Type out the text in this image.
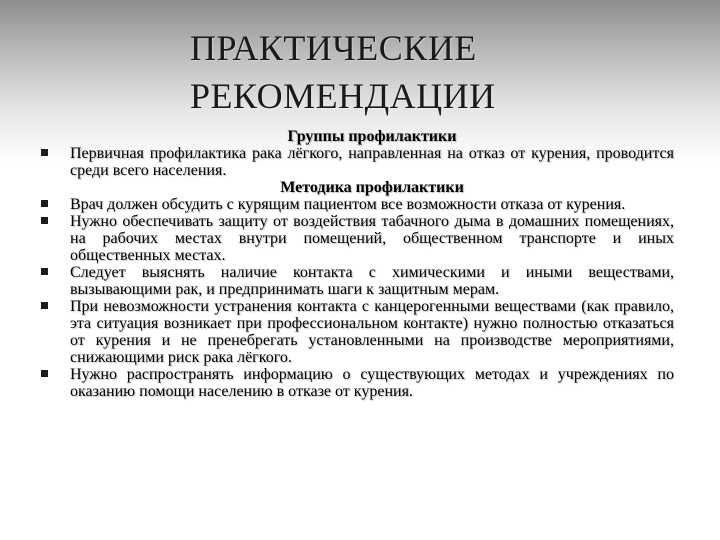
ПРАКТИЧЕСКИЕ
РЕКОМЕНДАЦИИ

Группы профилактики

Первичная профилактика рака лёгкого, направленная на отказ от курения, проводится среди всего населения.

Методика профилактики

Врач должен обсудить с курящим пациентом все возможности отказа от курения.
Нужно обеспечивать защиту от воздействия табачного дыма в домашних помещениях, на рабочих местах внутри помещений, общественном транспорте и иных общественных местах.
Следует выяснять наличие контакта с химическими и иными веществами, вызывающими рак, и предпринимать шаги к защитным мерам.
При невозможности устранения контакта с канцерогенными веществами (как правило, эта ситуация возникает при профессиональном контакте) нужно полностью отказаться от курения и не пренебрегать установленными на производстве мероприятиями, снижающими риск рака лёгкого.
Нужно распространять информацию о существующих методах и учреждениях по оказанию помощи населению в отказе от курения.
